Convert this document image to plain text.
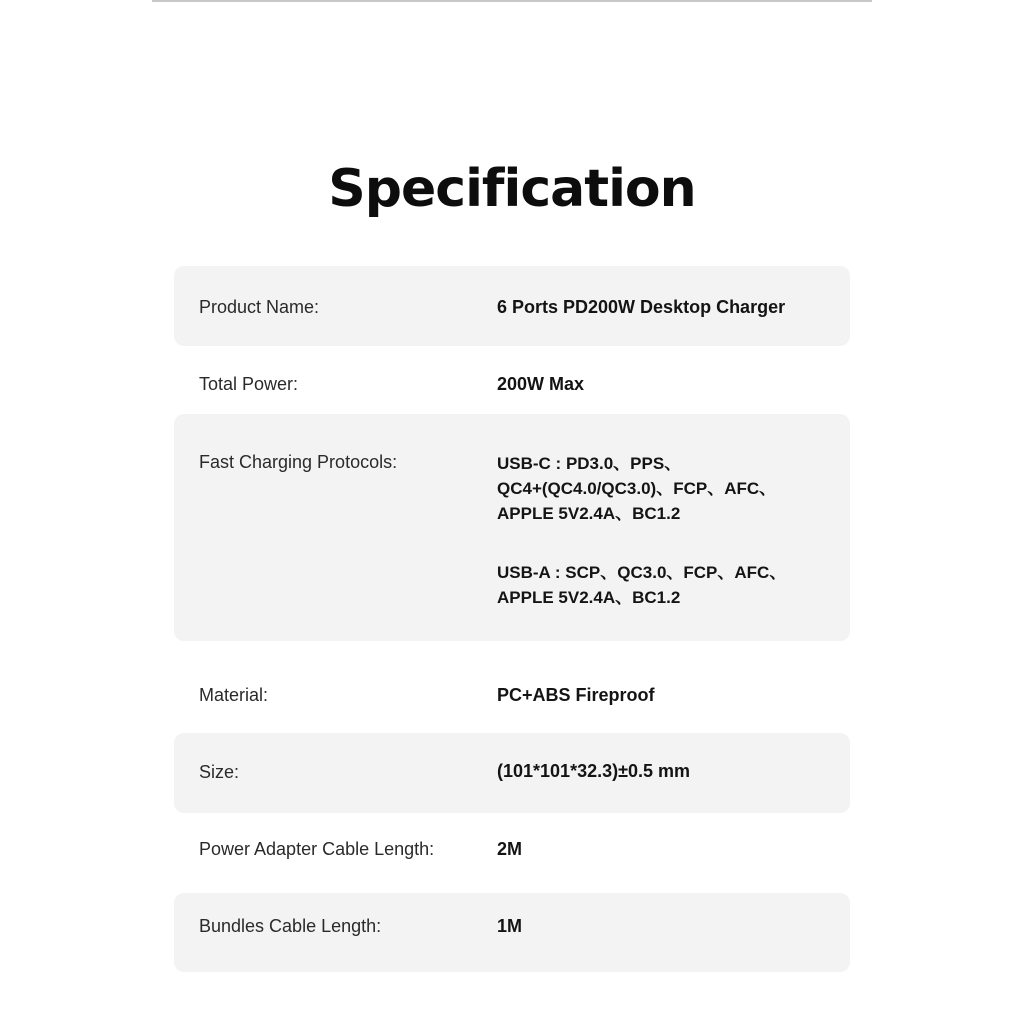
Specification
Product Name:	6 Ports PD200W Desktop Charger
Total Power:	200W Max
Fast Charging Protocols:	USB-C : PD3.0、PPS、
QC4+(QC4.0/QC3.0)、FCP、AFC、
APPLE 5V2.4A、BC1.2
USB-A : SCP、QC3.0、FCP、AFC、
APPLE 5V2.4A、BC1.2
Material:	PC+ABS Fireproof
Size:	(101*101*32.3)±0.5 mm
Power Adapter Cable Length:	2M
Bundles Cable Length:	1M
